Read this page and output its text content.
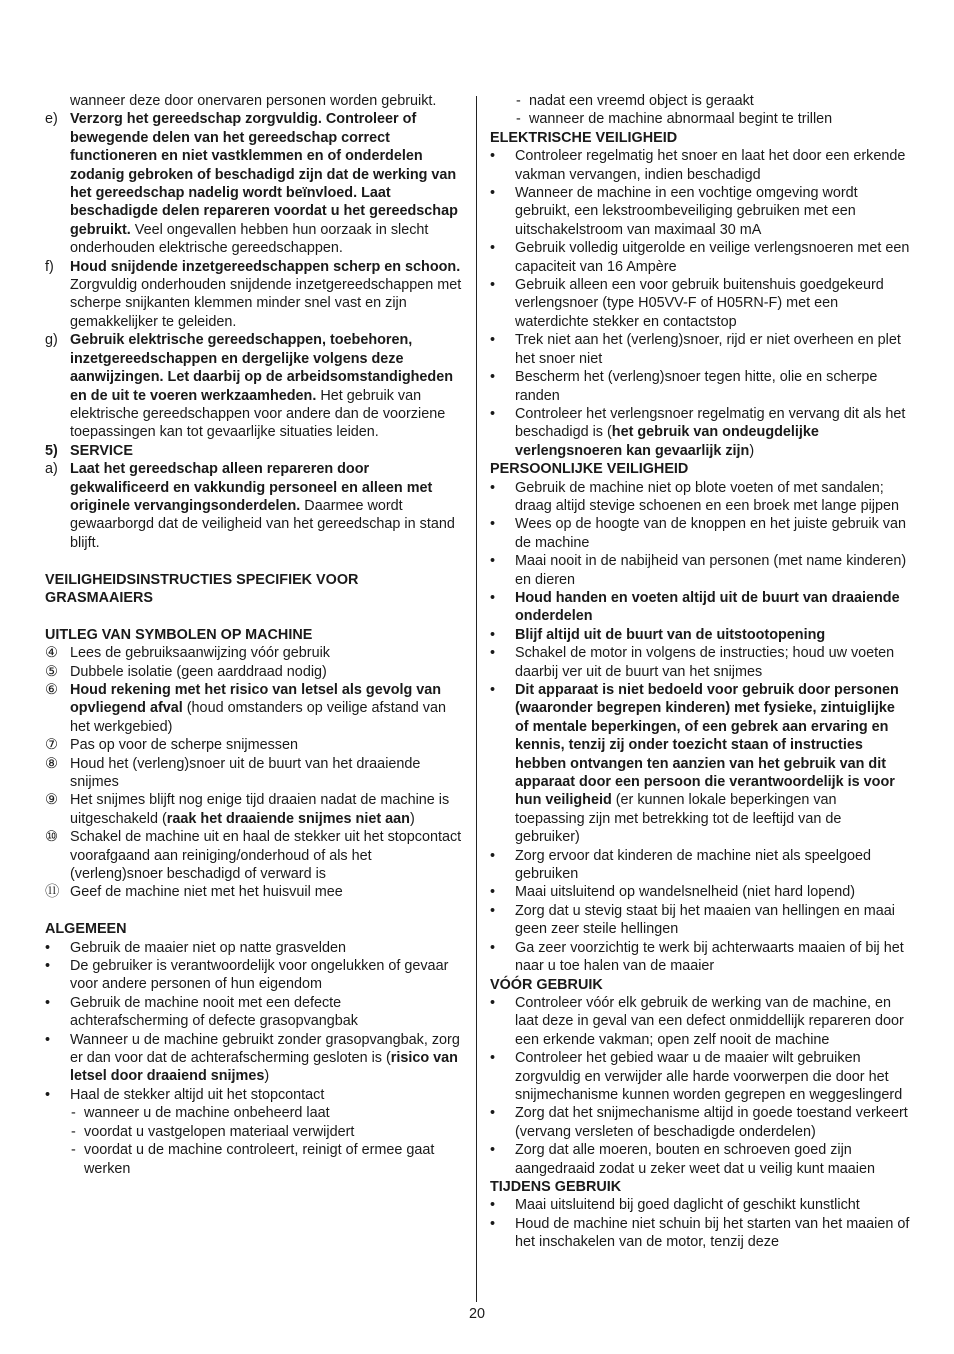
wanneer deze door onervaren personen worden gebruikt.
e) Verzorg het gereedschap zorgvuldig. Controleer of bewegende delen van het gereedschap correct functioneren en niet vastklemmen en of onderdelen zodanig gebroken of beschadigd zijn dat de werking van het gereedschap nadelig wordt beïnvloed. Laat beschadigde delen repareren voordat u het gereedschap gebruikt. Veel ongevallen hebben hun oorzaak in slecht onderhouden elektrische gereedschappen.
f)	Houd snijdende inzetgereedschappen scherp en schoon. Zorgvuldig onderhouden snijdende inzetgereedschappen met scherpe snijkanten klemmen minder snel vast en zijn gemakkelijker te geleiden.
g) Gebruik elektrische gereedschappen, toebehoren, inzetgereedschappen en dergelijke volgens deze aanwijzingen. Let daarbij op de arbeidsomstandigheden en de uit te voeren werkzaamheden. Het gebruik van elektrische gereedschappen voor andere dan de voorziene toepassingen kan tot gevaarlijke situaties leiden.
5) SERVICE
a) Laat het gereedschap alleen repareren door gekwalificeerd en vakkundig personeel en alleen met originele vervangingsonderdelen. Daarmee wordt gewaarborgd dat de veiligheid van het gereedschap in stand blijft.
VEILIGHEIDSINSTRUCTIES SPECIFIEK VOOR GRASMAAIERS
UITLEG VAN SYMBOLEN OP MACHINE
④ Lees de gebruiksaanwijzing vóór gebruik
⑤ Dubbele isolatie (geen aarddraad nodig)
⑥ Houd rekening met het risico van letsel als gevolg van opvliegend afval (houd omstanders op veilige afstand van het werkgebied)
⑦ Pas op voor de scherpe snijmessen
⑧ Houd het (verleng)snoer uit de buurt van het draaiende snijmes
⑨ Het snijmes blijft nog enige tijd draaien nadat de machine is uitgeschakeld (raak het draaiende snijmes niet aan)
⑩ Schakel de machine uit en haal de stekker uit het stopcontact voorafgaand aan reiniging/onderhoud of als het (verleng)snoer beschadigd of verward is
⑪ Geef de machine niet met het huisvuil mee
ALGEMEEN
•	Gebruik de maaier niet op natte grasvelden
•	De gebruiker is verantwoordelijk voor ongelukken of gevaar voor andere personen of hun eigendom
•	Gebruik de machine nooit met een defecte achterafscherming of defecte grasopvangbak
•	Wanneer u de machine gebruikt zonder grasopvangbak, zorg er dan voor dat de achterafscherming gesloten is (risico van letsel door draaiend snijmes)
•	Haal de stekker altijd uit het stopcontact
- wanneer u de machine onbeheerd laat
- voordat u vastgelopen materiaal verwijdert
- voordat u de machine controleert, reinigt of ermee gaat werken
- nadat een vreemd object is geraakt
- wanneer de machine abnormaal begint te trillen
ELEKTRISCHE VEILIGHEID
•	Controleer regelmatig het snoer en laat het door een erkende vakman vervangen, indien beschadigd
•	Wanneer de machine in een vochtige omgeving wordt gebruikt, een lekstroombeveiliging gebruiken met een uitschakelstroom van maximaal 30 mA
•	Gebruik volledig uitgerolde en veilige verlengsnoeren met een capaciteit van 16 Ampère
•	Gebruik alleen een voor gebruik buitenshuis goedgekeurd verlengsnoer (type H05VV-F of H05RN-F) met een waterdichte stekker en contactstop
•	Trek niet aan het (verleng)snoer, rijd er niet overheen en plet het snoer niet
•	Bescherm het (verleng)snoer tegen hitte, olie en scherpe randen
•	Controleer het verlengsnoer regelmatig en vervang dit als het beschadigd is (het gebruik van ondeugdelijke verlengsnoeren kan gevaarlijk zijn)
PERSOONLIJKE VEILIGHEID
•	Gebruik de machine niet op blote voeten of met sandalen; draag altijd stevige schoenen en een broek met lange pijpen
•	Wees op de hoogte van de knoppen en het juiste gebruik van de machine
•	Maai nooit in de nabijheid van personen (met name kinderen) en dieren
•	Houd handen en voeten altijd uit de buurt van draaiende onderdelen
•	Blijf altijd uit de buurt van de uitstootopening
•	Schakel de motor in volgens de instructies; houd uw voeten daarbij ver uit de buurt van het snijmes
•	Dit apparaat is niet bedoeld voor gebruik door personen (waaronder begrepen kinderen) met fysieke, zintuiglijke of mentale beperkingen, of een gebrek aan ervaring en kennis, tenzij zij onder toezicht staan of instructies hebben ontvangen ten aanzien van het gebruik van dit apparaat door een persoon die verantwoordelijk is voor hun veiligheid (er kunnen lokale beperkingen van toepassing zijn met betrekking tot de leeftijd van de gebruiker)
•	Zorg ervoor dat kinderen de machine niet als speelgoed gebruiken
•	Maai uitsluitend op wandelsnelheid (niet hard lopend)
•	Zorg dat u stevig staat bij het maaien van hellingen en maai geen zeer steile hellingen
•	Ga zeer voorzichtig te werk bij achterwaarts maaien of bij het naar u toe halen van de maaier
VÓÓR GEBRUIK
•	Controleer vóór elk gebruik de werking van de machine, en laat deze in geval van een defect onmiddellijk repareren door een erkende vakman; open zelf nooit de machine
•	Controleer het gebied waar u de maaier wilt gebruiken zorgvuldig en verwijder alle harde voorwerpen die door het snijmechanisme kunnen worden gegrepen en weggeslingerd
•	Zorg dat het snijmechanisme altijd in goede toestand verkeert (vervang versleten of beschadigde onderdelen)
•	Zorg dat alle moeren, bouten en schroeven goed zijn aangedraaid zodat u zeker weet dat u veilig kunt maaien
TIJDENS GEBRUIK
•	Maai uitsluitend bij goed daglicht of geschikt kunstlicht
•	Houd de machine niet schuin bij het starten van het maaien of het inschakelen van de motor, tenzij deze
20
